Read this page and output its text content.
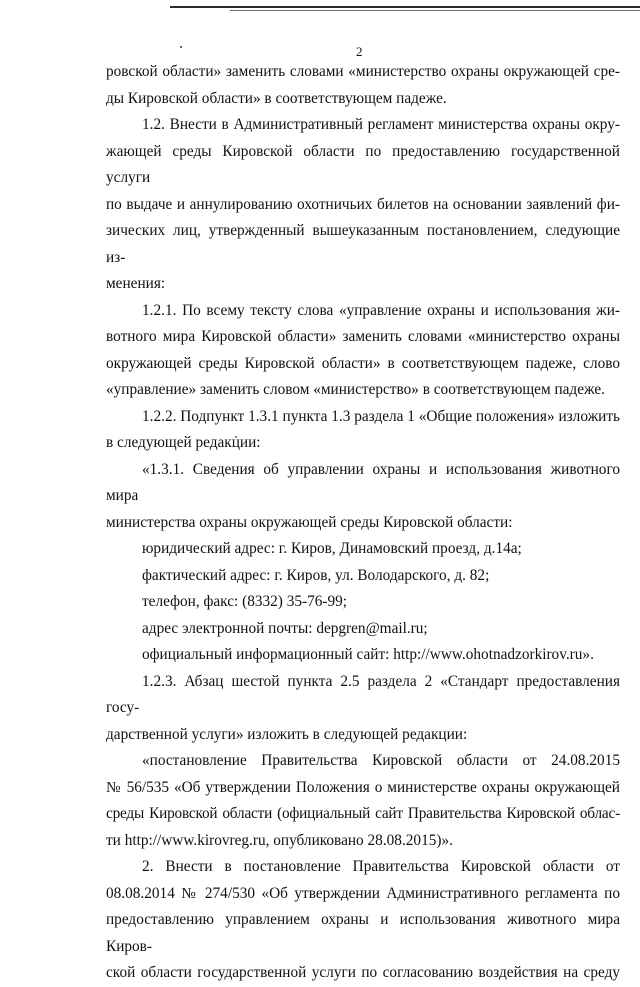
2

ровской области» заменить словами «министерство охраны окружающей сре-
ды Кировской области» в соответствующем падеже.

1.2. Внести в Административный регламент министерства охраны окру-
жающей среды Кировской области по предоставлению государственной услуги
по выдаче и аннулированию охотничьих билетов на основании заявлений фи-
зических лиц, утвержденный вышеуказанным постановлением, следующие из-
менения:

1.2.1. По всему тексту слова «управление охраны и использования жи-
вотного мира Кировской области» заменить словами «министерство охраны
окружающей среды Кировской области» в соответствующем падеже, слово
«управление» заменить словом «министерство» в соответствующем падеже.

1.2.2. Подпункт 1.3.1 пункта 1.3 раздела 1 «Общие положения» изложить
в следующей редакции:

«1.3.1. Сведения об управлении охраны и использования животного мира
министерства охраны окружающей среды Кировской области:

юридический адрес: г. Киров, Динамовский проезд, д.14а;

фактический адрес: г. Киров, ул. Володарского, д. 82;

телефон, факс: (8332) 35-76-99;

адрес электронной почты: depgren@mail.ru;

официальный информационный сайт: http://www.ohotnadzorkirov.ru».

1.2.3. Абзац шестой пункта 2.5 раздела 2 «Стандарт предоставления госу-
дарственной услуги» изложить в следующей редакции:

«постановление Правительства Кировской области от 24.08.2015
№ 56/535 «Об утверждении Положения о министерстве охраны окружающей
среды Кировской области (официальный сайт Правительства Кировской облас-
ти http://www.kirovreg.ru, опубликовано 28.08.2015)».

2. Внести в постановление Правительства Кировской области от
08.08.2014 № 274/530 «Об утверждении Административного регламента по
предоставлению управлением охраны и использования животного мира Киров-
ской области государственной услуги по согласованию воздействия на среду
